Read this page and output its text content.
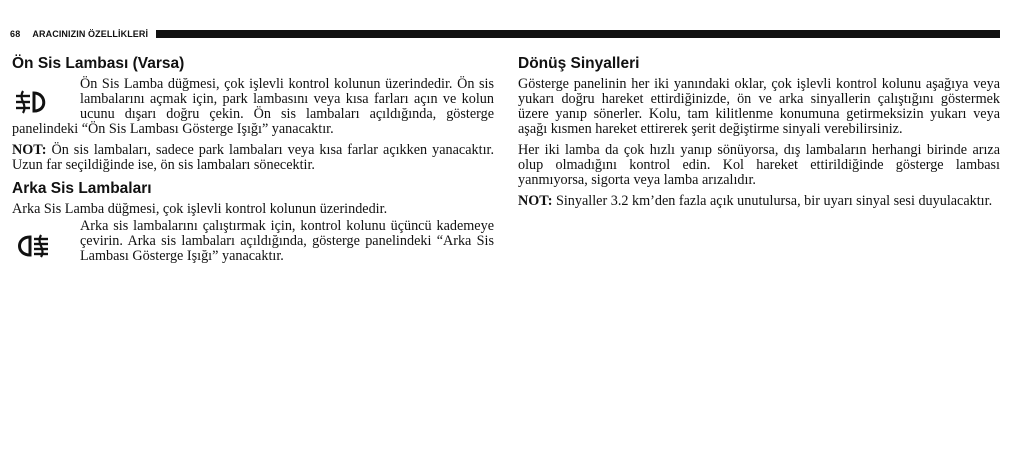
68 ARACINIZIN ÖZELLİKLERİ
Ön Sis Lambası (Varsa)
Ön Sis Lamba düğmesi, çok işlevli kontrol kolunun üzerindedir. Ön sis lambalarını açmak için, park lambasını veya kısa farları açın ve kolun ucunu dışarı doğru çekin. Ön sis lambaları açıldığında, gösterge panelindeki “Ön Sis Lambası Gösterge Işığı” yanacaktır.

NOT: Ön sis lambaları, sadece park lambaları veya kısa farlar açıkken yanacaktır. Uzun far seçildiğinde ise, ön sis lambaları sönecektir.

Arka Sis Lambaları

Arka Sis Lamba düğmesi, çok işlevli kontrol kolunun üzerindedir.

Arka sis lambalarını çalıştırmak için, kontrol kolunu üçüncü kademeye çevirin. Arka sis lambaları açıldığında, gösterge panelindeki “Arka Sis Lambası Gösterge Işığı” yanacaktır.
Dönüş Sinyalleri

Gösterge panelinin her iki yanındaki oklar, çok işlevli kontrol kolunu aşağıya veya yukarı doğru hareket ettirdiğinizde, ön ve arka sinyallerin çalıştığını göstermek üzere yanıp sönerler. Kolu, tam kilitlenme konumuna getirmeksizin yukarı veya aşağı kısmen hareket ettirerek şerit değiştirme sinyali verebilirsiniz.

Her iki lamba da çok hızlı yanıp sönüyorsa, dış lambaların herhangi birinde arıza olup olmadığını kontrol edin. Kol hareket ettirildiğinde gösterge lambası yanmıyorsa, sigorta veya lamba arızalıdır.

NOT: Sinyaller 3.2 km’den fazla açık unutulursa, bir uyarı sinyal sesi duyulacaktır.
